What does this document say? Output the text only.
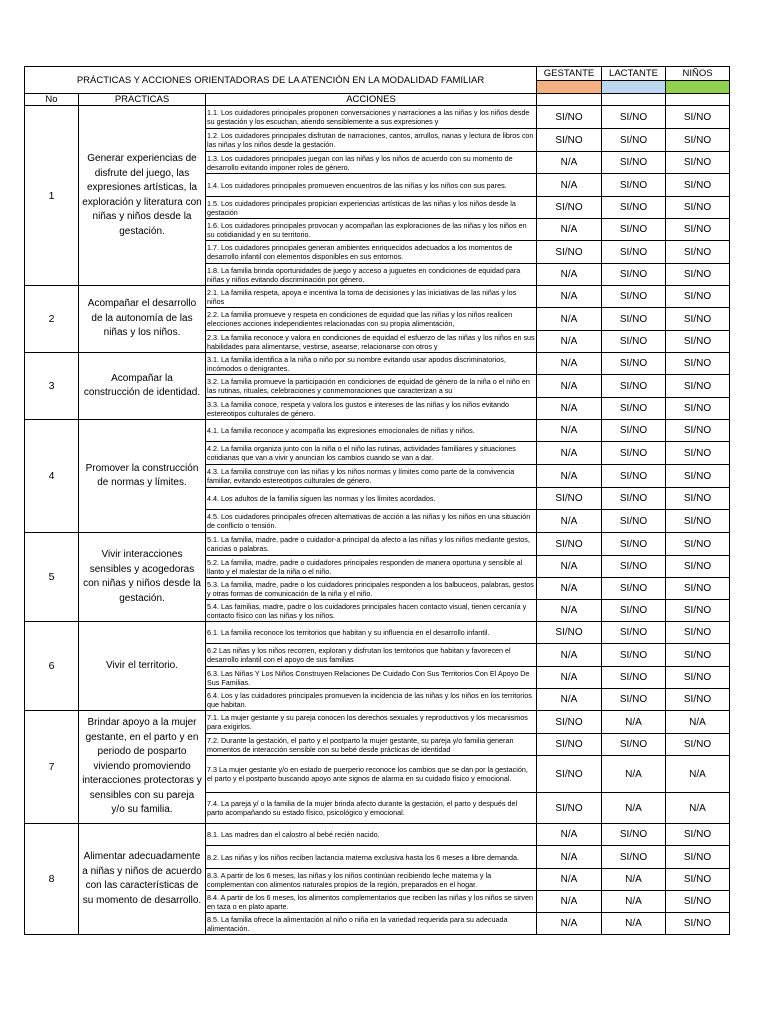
PRÁCTICAS Y ACCIONES ORIENTADORAS DE LA ATENCIÓN EN LA MODALIDAD FAMILIAR			GESTANTE	LACTANTE	NIÑOS

No	PRACTICAS	ACCIONES			
1	Generar experiencias de disfrute del juego, las expresiones artísticas, la exploración y literatura con niñas y niños desde la gestación.	1.1. Los cuidadores principales proponen conversaciones y narraciones a las niñas y los niños desde su gestación y los escuchan, atiendo sensiblemente a sus expresiones y	SI/NO	SI/NO	SI/NO

		1.2. Los cuidadores principales disfrutan de narraciones, cantos, arrullos, nanas y lectura de libros con las niñas y los niños desde la gestación.	SI/NO	SI/NO	SI/NO

		1.3. Los cuidadores principales juegan con las niñas y los niños de acuerdo con su momento de desarrollo evitando imponer roles de género.	N/A	SI/NO	SI/NO

		1.4. Los cuidadores principales promueven encuentros de las niñas y los niños con sus pares.	N/A	SI/NO	SI/NO

		1.5. Los cuidadores principales propician experiencias artísticas de las niñas y los niños desde la gestación	SI/NO	SI/NO	SI/NO

		1.6. Los cuidadores principales provocan y acompañan las exploraciones de las niñas y los niños en su cotidianidad y en su territorio.	N/A	SI/NO	SI/NO

		1.7. Los cuidadores principales generan ambientes enriquecidos adecuados a los momentos de desarrollo infantil con elementos disponibles en sus entornos.	SI/NO	SI/NO	SI/NO

		1.8. La familia brinda oportunidades de juego y acceso a juguetes en condiciones de equidad para niñas y niños evitando discriminación por género.	N/A	SI/NO	SI/NO
2	Acompañar el desarrollo de la autonomía de las niñas y los niños.	2.1. La familia respeta, apoya e incentiva la toma de decisiones y las iniciativas de las niñas y los niños	N/A	SI/NO	SI/NO

		2.2. La familia promueve y respeta en condiciones de equidad que las niñas y los niños realicen elecciones acciones independientes relacionadas con su propia alimentación,	N/A	SI/NO	SI/NO

		2.3. La familia reconoce y valora en condiciones de equidad el esfuerzo de las niñas y los niños en sus habilidades para alimentarse, vestirse, asearse, relacionarse con otros y	N/A	SI/NO	SI/NO
3	Acompañar la construcción de identidad.	3.1. La familia identifica a la niña o niño por su nombre evitando usar apodos discriminatorios, incómodos o denigrantes.	N/A	SI/NO	SI/NO

		3.2. La familia promueve la participación en condiciones de equidad de género de la niña o el niño en las rutinas, rituales, celebraciones y conmemoraciones que caracterizan a su	N/A	SI/NO	SI/NO

		3.3. La familia conoce, respeta y valora los gustos e intereses de las niñas y los niños evitando estereotipos culturales de género.	N/A	SI/NO	SI/NO
4	Promover la construcción de normas y límites.	4.1. La familia reconoce y acompaña las expresiones emocionales de niñas y niños.	N/A	SI/NO	SI/NO

		4.2. La familia organiza junto con la niña o el niño las rutinas, actividades familiares y situaciones cotidianas que van a vivir y anuncian los cambios cuando se van a dar.	N/A	SI/NO	SI/NO

		4.3. La familia construye con las niñas y los niños normas y límites como parte de la convivencia familiar, evitando estereotipos culturales de género.	N/A	SI/NO	SI/NO

		4.4. Los adultos de la familia siguen las normas y los límites acordados.	SI/NO	SI/NO	SI/NO

		4.5. Los cuidadores principales ofrecen alternativas de acción a las niñas y los niños en una situación de conflicto o tensión.	N/A	SI/NO	SI/NO
5	Vivir interacciones sensibles y acogedoras con niñas y niños desde la gestación.	5.1. La familia, madre, padre o cuidador-a principal da afecto a las niñas y los niños mediante gestos, caricias o palabras.	SI/NO	SI/NO	SI/NO

		5.2. La familia, madre, padre o cuidadores principales responden de manera oportuna y sensible al llanto y el malestar de la niña o el niño.	N/A	SI/NO	SI/NO

		5.3. La familia, madre, padre o los cuidadores principales responden a los balbuceos, palabras, gestos y otras formas de comunicación de la niña y el niño.	N/A	SI/NO	SI/NO

		5.4. Las familias, madre, padre o los cuidadores principales hacen contacto visual, tienen cercanía y contacto físico con las niñas y los niños.	N/A	SI/NO	SI/NO
6	Vivir el territorio.	6.1. La familia reconoce los territorios que habitan y su influencia en el desarrollo infantil.	SI/NO	SI/NO	SI/NO

		6.2 Las niñas y los niños recorren, exploran y disfrutan los territorios que habitan y favorecen el desarrollo infantil con el apoyo de sus familias	N/A	SI/NO	SI/NO

		6.3. Las Niñas Y Los Niños Construyen Relaciones De Cuidado Con Sus Territorios Con El Apoyo De Sus Familias.	N/A	SI/NO	SI/NO

		6.4. Los y las cuidadores principales promueven la incidencia de las niñas y los niños en los territorios que habitan.	N/A	SI/NO	SI/NO
7	Brindar apoyo a la mujer gestante, en el parto y en periodo de posparto viviendo promoviendo interacciones protectoras y sensibles con su pareja y/o su familia.	7.1. La mujer gestante y su pareja conocen los derechos sexuales y reproductivos y los mecanismos para exigirlos.	SI/NO	N/A	N/A

		7.2. Durante la gestación, el parto y el postparto la mujer gestante, su pareja y/o familia generan momentos de interacción sensible con su bebé desde prácticas de identidad	SI/NO	SI/NO	SI/NO

		7.3 La mujer gestante y/o en estado de puerperio reconoce los cambios que se dan por la gestación, el parto y el postparto buscando apoyo ante signos de alarma en su cuidado físico y emocional.	SI/NO	N/A	N/A

		7.4. La pareja y/ o la familia de la mujer brinda afecto durante la gestación, el parto y después del parto acompañando su estado físico, psicológico y emocional.	SI/NO	N/A	N/A
8	Alimentar adecuadamente a niñas y niños de acuerdo con las características de su momento de desarrollo.	8.1. Las madres dan el calostro al bebé recién nacido.	N/A	SI/NO	SI/NO

		8.2. Las niñas y los niños reciben lactancia materna exclusiva hasta los 6 meses a libre demanda.	N/A	SI/NO	SI/NO

		8.3. A partir de los 6 meses, las niñas y los niños continúan recibiendo leche materna y la complementan con alimentos naturales propios de la región, preparados en el hogar.	N/A	N/A	SI/NO

		8.4. A partir de los 6 meses, los alimentos complementarios que reciben las niñas y los niños se sirven en taza o en plato aparte.	N/A	N/A	SI/NO

		8.5. La familia ofrece la alimentación al niño o niña en la variedad requerida para su adecuada alimentación.	N/A	N/A	SI/NO
